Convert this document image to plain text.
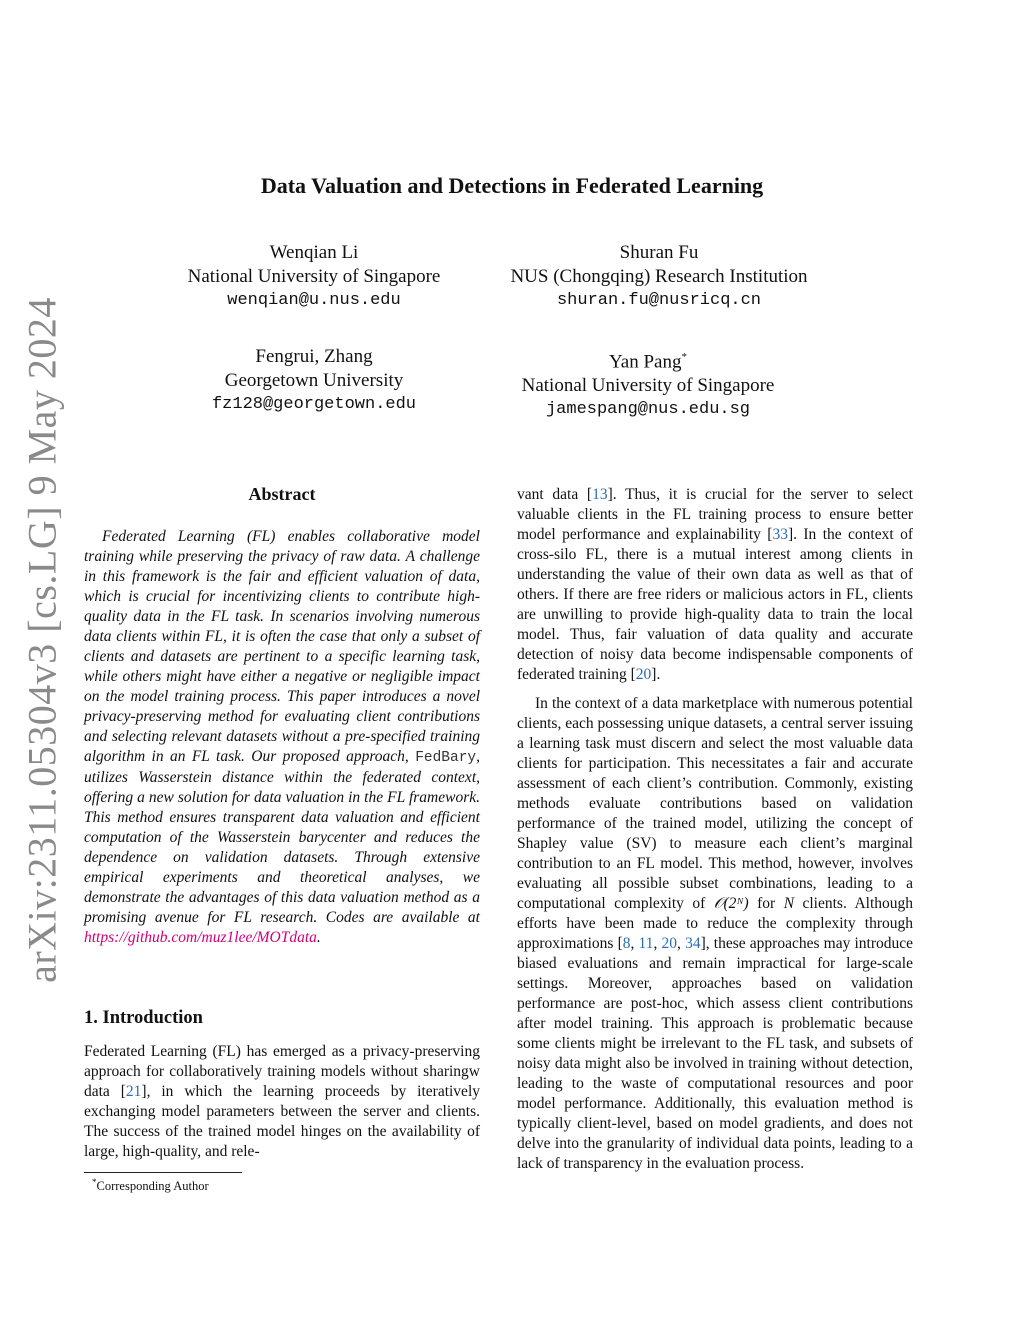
arXiv:2311.05304v3 [cs.LG] 9 May 2024
Data Valuation and Detections in Federated Learning
Wenqian Li
National University of Singapore
wenqian@u.nus.edu
Shuran Fu
NUS (Chongqing) Research Institution
shuran.fu@nusricq.cn
Fengrui, Zhang
Georgetown University
fz128@georgetown.edu
Yan Pang*
National University of Singapore
jamespang@nus.edu.sg
Abstract
Federated Learning (FL) enables collaborative model training while preserving the privacy of raw data. A challenge in this framework is the fair and efficient valuation of data, which is crucial for incentivizing clients to contribute high-quality data in the FL task. In scenarios involving numerous data clients within FL, it is often the case that only a subset of clients and datasets are pertinent to a specific learning task, while others might have either a negative or negligible impact on the model training process. This paper introduces a novel privacy-preserving method for evaluating client contributions and selecting relevant datasets without a pre-specified training algorithm in an FL task. Our proposed approach, FedBary, utilizes Wasserstein distance within the federated context, offering a new solution for data valuation in the FL framework. This method ensures transparent data valuation and efficient computation of the Wasserstein barycenter and reduces the dependence on validation datasets. Through extensive empirical experiments and theoretical analyses, we demonstrate the advantages of this data valuation method as a promising avenue for FL research. Codes are available at https://github.com/muz1lee/MOTdata.
1. Introduction
Federated Learning (FL) has emerged as a privacy-preserving approach for collaboratively training models without sharingw data [21], in which the learning proceeds by iteratively exchanging model parameters between the server and clients. The success of the trained model hinges on the availability of large, high-quality, and rele-
*Corresponding Author

vant data [13]. Thus, it is crucial for the server to select valuable clients in the FL training process to ensure better model performance and explainability [33]. In the context of cross-silo FL, there is a mutual interest among clients in understanding the value of their own data as well as that of others. If there are free riders or malicious actors in FL, clients are unwilling to provide high-quality data to train the local model. Thus, fair valuation of data quality and accurate detection of noisy data become indispensable components of federated training [20].

In the context of a data marketplace with numerous potential clients, each possessing unique datasets, a central server issuing a learning task must discern and select the most valuable data clients for participation. This necessitates a fair and accurate assessment of each client’s contribution. Commonly, existing methods evaluate contributions based on validation performance of the trained model, utilizing the concept of Shapley value (SV) to measure each client’s marginal contribution to an FL model. This method, however, involves evaluating all possible subset combinations, leading to a computational complexity of 𝒪(2ᴺ) for N clients. Although efforts have been made to reduce the complexity through approximations [8, 11, 20, 34], these approaches may introduce biased evaluations and remain impractical for large-scale settings. Moreover, approaches based on validation performance are post-hoc, which assess client contributions after model training. This approach is problematic because some clients might be irrelevant to the FL task, and subsets of noisy data might also be involved in training without detection, leading to the waste of computational resources and poor model performance. Additionally, this evaluation method is typically client-level, based on model gradients, and does not delve into the granularity of individual data points, leading to a lack of transparency in the evaluation process.
